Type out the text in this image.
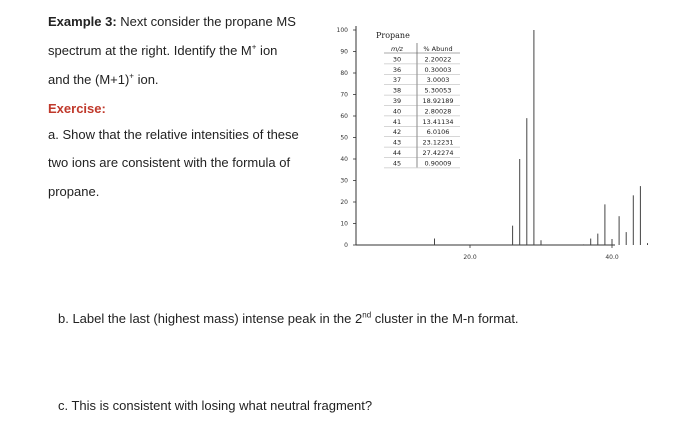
Example 3: Next consider the propane MS
spectrum at the right. Identify the M+ ion
and the (M+1)+ ion.
Exercise:
a. Show that the relative intensities of these
two ions are consistent with the formula of
propane.
b. Label the last (highest mass) intense peak in the 2nd cluster in the M-n format.
c. This is consistent with losing what neutral fragment?
100
90
80
70
60
50
40
30
20
10
0
20.0	40.0
Propane
m/z	% Abund
30	2.20022
36	0.30003
37	3.0003
38	5.30053
39	18.92189
40	2.80028
41	13.41134
42	6.0106
43	23.12231
44	27.42274
45	0.90009
